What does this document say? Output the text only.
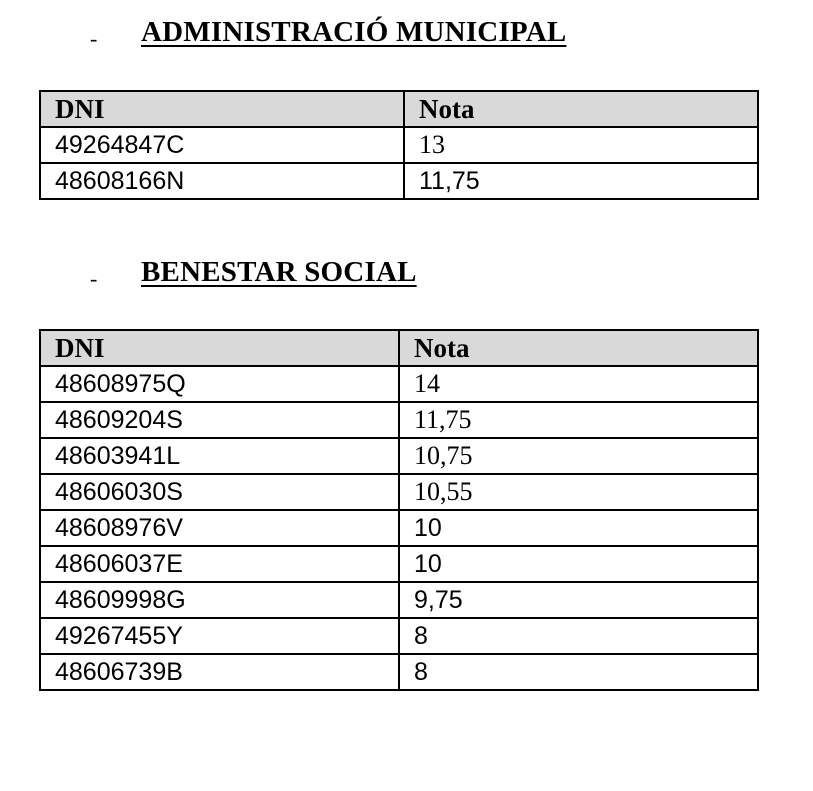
- ADMINISTRACIÓ MUNICIPAL
DNI	Nota
49264847C	13
48608166N	11,75
- BENESTAR SOCIAL
DNI	Nota
48608975Q	14
48609204S	11,75
48603941L	10,75
48606030S	10,55
48608976V	10
48606037E	10
48609998G	9,75
49267455Y	8
48606739B	8
